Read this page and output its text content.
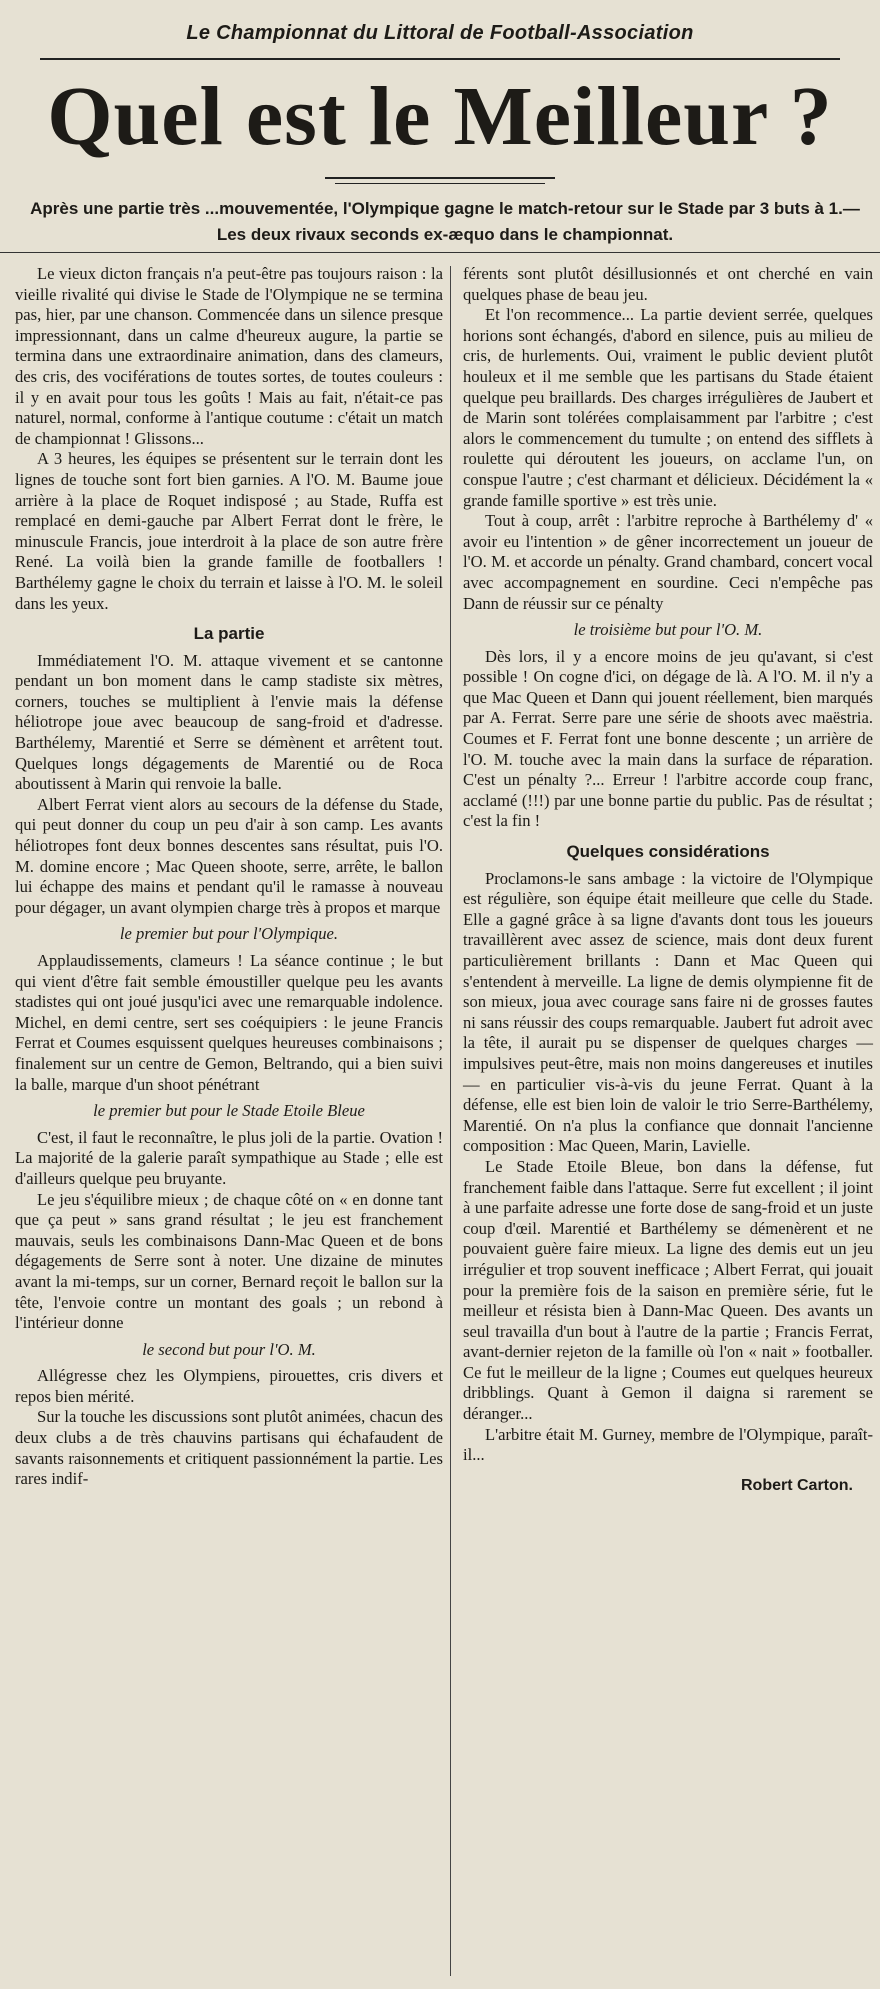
Le Championnat du Littoral de Football-Association
Quel est le Meilleur ?
Après une partie très ...mouvementée, l'Olympique gagne le match-retour sur le Stade par 3 buts à 1.— Les deux rivaux seconds ex-æquo dans le championnat.

Le vieux dicton français n'a peut-être pas toujours raison : la vieille rivalité qui divise le Stade de l'Olympique ne se termina pas, hier, par une chanson. Commencée dans un silence presque impressionnant, dans un calme d'heureux augure, la partie se termina dans une extraordinaire animation, dans des clameurs, des cris, des vociférations de toutes sortes, de toutes couleurs : il y en avait pour tous les goûts ! Mais au fait, n'était-ce pas naturel, normal, conforme à l'antique coutume : c'était un match de championnat ! Glissons...

A 3 heures, les équipes se présentent sur le terrain dont les lignes de touche sont fort bien garnies. A l'O. M. Baume joue arrière à la place de Roquet indisposé ; au Stade, Ruffa est remplacé en demi-gauche par Albert Ferrat dont le frère, le minuscule Francis, joue interdroit à la place de son autre frère René. La voilà bien la grande famille de footballers ! Barthélemy gagne le choix du terrain et laisse à l'O. M. le soleil dans les yeux.

La partie

Immédiatement l'O. M. attaque vivement et se cantonne pendant un bon moment dans le camp stadiste six mètres, corners, touches se multiplient à l'envie mais la défense héliotrope joue avec beaucoup de sang-froid et d'adresse. Barthélemy, Marentié et Serre se démènent et arrêtent tout. Quelques longs dégagements de Marentié ou de Roca aboutissent à Marin qui renvoie la balle.

Albert Ferrat vient alors au secours de la défense du Stade, qui peut donner du coup un peu d'air à son camp. Les avants héliotropes font deux bonnes descentes sans résultat, puis l'O. M. domine encore ; Mac Queen shoote, serre, arrête, le ballon lui échappe des mains et pendant qu'il le ramasse à nouveau pour dégager, un avant olympien charge très à propos et marque

le premier but pour l'Olympique.

Applaudissements, clameurs ! La séance continue ; le but qui vient d'être fait semble émoustiller quelque peu les avants stadistes qui ont joué jusqu'ici avec une remarquable indolence. Michel, en demi centre, sert ses coéquipiers : le jeune Francis Ferrat et Coumes esquissent quelques heureuses combinaisons ; finalement sur un centre de Gemon, Beltrando, qui a bien suivi la balle, marque d'un shoot pénétrant

le premier but pour le Stade Etoile Bleue

C'est, il faut le reconnaître, le plus joli de la partie. Ovation ! La majorité de la galerie paraît sympathique au Stade ; elle est d'ailleurs quelque peu bruyante.

Le jeu s'équilibre mieux ; de chaque côté on « en donne tant que ça peut » sans grand résultat ; le jeu est franchement mauvais, seuls les combinaisons Dann-Mac Queen et de bons dégagements de Serre sont à noter. Une dizaine de minutes avant la mi-temps, sur un corner, Bernard reçoit le ballon sur la tête, l'envoie contre un montant des goals ; un rebond à l'intérieur donne

le second but pour l'O. M.

Allégresse chez les Olympiens, pirouettes, cris divers et repos bien mérité.

Sur la touche les discussions sont plutôt animées, chacun des deux clubs a de très chauvins partisans qui échafaudent de savants raisonnements et critiquent passionnément la partie. Les rares indif-

férents sont plutôt désillusionnés et ont cherché en vain quelques phase de beau jeu.

Et l'on recommence... La partie devient serrée, quelques horions sont échangés, d'abord en silence, puis au milieu de cris, de hurlements. Oui, vraiment le public devient plutôt houleux et il me semble que les partisans du Stade étaient quelque peu braillards. Des charges irrégulières de Jaubert et de Marin sont tolérées complaisamment par l'arbitre ; c'est alors le commencement du tumulte ; on entend des sifflets à roulette qui déroutent les joueurs, on acclame l'un, on conspue l'autre ; c'est charmant et délicieux. Décidément la « grande famille sportive » est très unie.

Tout à coup, arrêt : l'arbitre reproche à Barthélemy d' « avoir eu l'intention » de gêner incorrectement un joueur de l'O. M. et accorde un pénalty. Grand chambard, concert vocal avec accompagnement en sourdine. Ceci n'empêche pas Dann de réussir sur ce pénalty

le troisième but pour l'O. M.

Dès lors, il y a encore moins de jeu qu'avant, si c'est possible ! On cogne d'ici, on dégage de là. A l'O. M. il n'y a que Mac Queen et Dann qui jouent réellement, bien marqués par A. Ferrat. Serre pare une série de shoots avec maëstria. Coumes et F. Ferrat font une bonne descente ; un arrière de l'O. M. touche avec la main dans la surface de réparation. C'est un pénalty ?... Erreur ! l'arbitre accorde coup franc, acclamé (!!!) par une bonne partie du public. Pas de résultat ; c'est la fin !

Quelques considérations

Proclamons-le sans ambage : la victoire de l'Olympique est régulière, son équipe était meilleure que celle du Stade. Elle a gagné grâce à sa ligne d'avants dont tous les joueurs travaillèrent avec assez de science, mais dont deux furent particulièrement brillants : Dann et Mac Queen qui s'entendent à merveille. La ligne de demis olympienne fit de son mieux, joua avec courage sans faire ni de grosses fautes ni sans réussir des coups remarquable. Jaubert fut adroit avec la tête, il aurait pu se dispenser de quelques charges — impulsives peut-être, mais non moins dangereuses et inutiles — en particulier vis-à-vis du jeune Ferrat. Quant à la défense, elle est bien loin de valoir le trio Serre-Barthélemy, Marentié. On n'a plus la confiance que donnait l'ancienne composition : Mac Queen, Marin, Lavielle.

Le Stade Etoile Bleue, bon dans la défense, fut franchement faible dans l'attaque. Serre fut excellent ; il joint à une parfaite adresse une forte dose de sang-froid et un juste coup d'œil. Marentié et Barthélemy se démenèrent et ne pouvaient guère faire mieux. La ligne des demis eut un jeu irrégulier et trop souvent inefficace ; Albert Ferrat, qui jouait pour la première fois de la saison en première série, fut le meilleur et résista bien à Dann-Mac Queen. Des avants un seul travailla d'un bout à l'autre de la partie ; Francis Ferrat, avant-dernier rejeton de la famille où l'on « nait » footballer. Ce fut le meilleur de la ligne ; Coumes eut quelques heureux dribblings. Quant à Gemon il daigna si rarement se déranger...

L'arbitre était M. Gurney, membre de l'Olympique, paraît-il...

Robert Carton.
